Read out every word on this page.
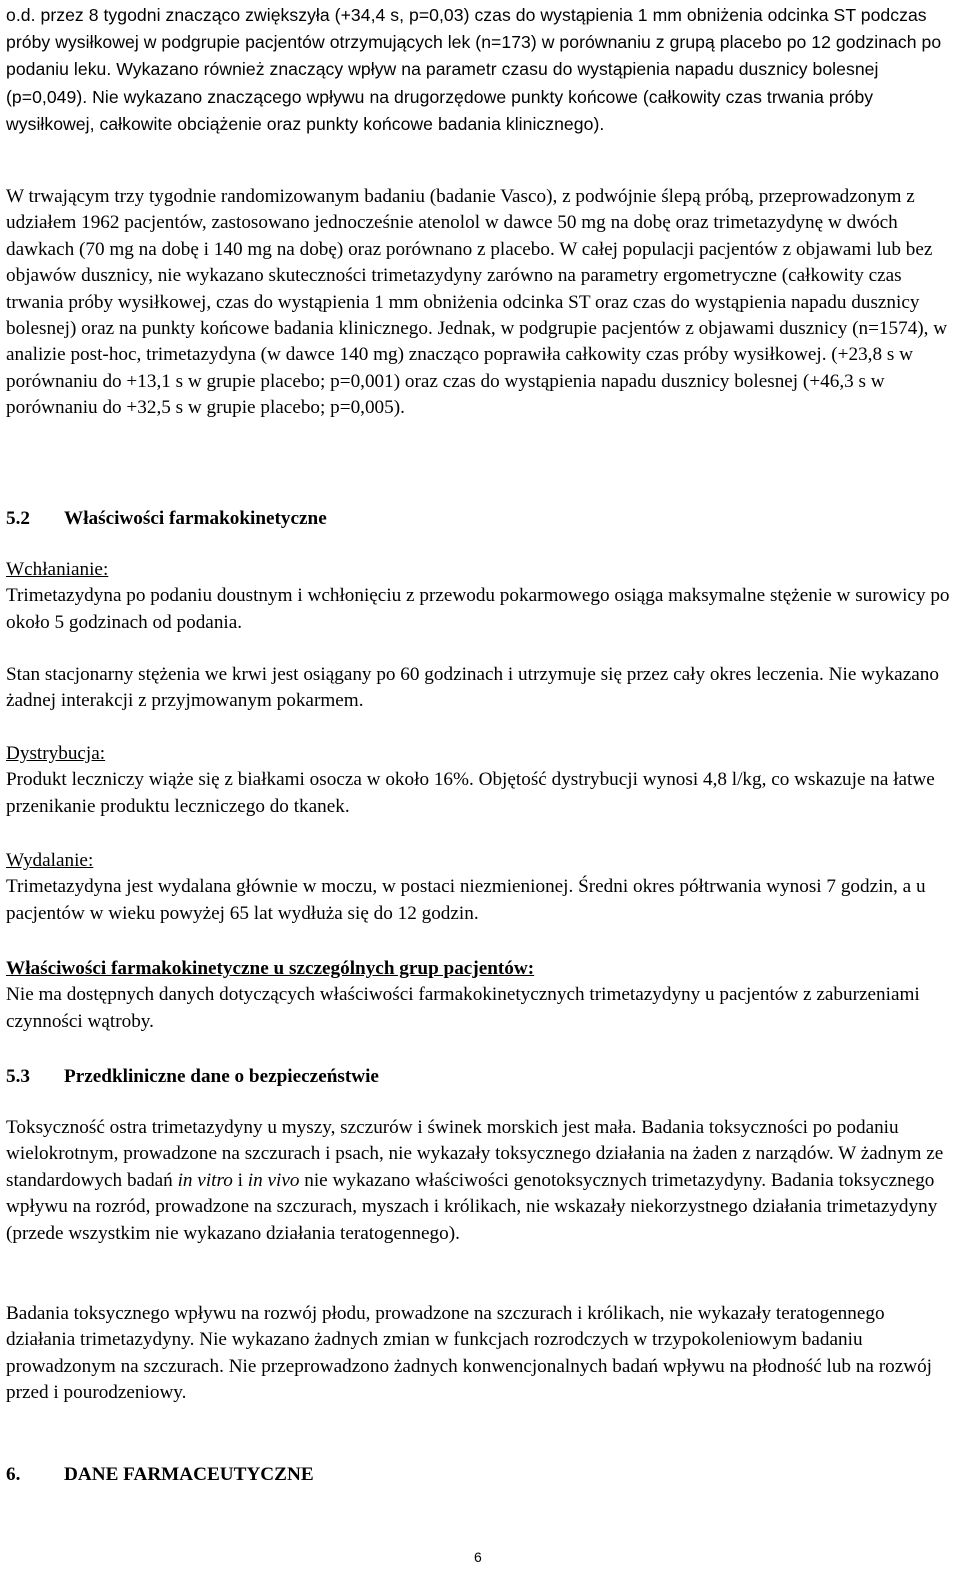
o.d. przez 8 tygodni znacząco zwiększyła (+34,4 s, p=0,03) czas do wystąpienia 1 mm obniżenia odcinka ST podczas próby wysiłkowej w podgrupie pacjentów otrzymujących lek (n=173) w porównaniu z grupą placebo po 12 godzinach po podaniu leku. Wykazano również znaczący wpływ na parametr czasu do wystąpienia napadu dusznicy bolesnej (p=0,049). Nie wykazano znaczącego wpływu na drugorzędowe punkty końcowe (całkowity czas trwania próby wysiłkowej, całkowite obciążenie oraz punkty końcowe badania klinicznego).

W trwającym trzy tygodnie randomizowanym badaniu (badanie Vasco), z podwójnie ślepą próbą, przeprowadzonym z udziałem 1962 pacjentów, zastosowano jednocześnie atenolol w dawce 50 mg na dobę oraz trimetazydynę w dwóch dawkach (70 mg na dobę i 140 mg na dobę) oraz porównano z placebo. W całej populacji pacjentów z objawami lub bez objawów dusznicy, nie wykazano skuteczności trimetazydyny zarówno na parametry ergometryczne (całkowity czas trwania próby wysiłkowej, czas do wystąpienia 1 mm obniżenia odcinka ST oraz czas do wystąpienia napadu dusznicy bolesnej) oraz na punkty końcowe badania klinicznego. Jednak, w podgrupie pacjentów z objawami dusznicy (n=1574), w analizie post-hoc, trimetazydyna (w dawce 140 mg) znacząco poprawiła całkowity czas próby wysiłkowej. (+23,8 s w porównaniu do +13,1 s w grupie placebo; p=0,001) oraz czas do wystąpienia napadu dusznicy bolesnej (+46,3 s w porównaniu do +32,5 s w grupie placebo; p=0,005).

5.2 Właściwości farmakokinetyczne
Wchłanianie:

Trimetazydyna po podaniu doustnym i wchłonięciu z przewodu pokarmowego osiąga maksymalne stężenie w surowicy po około 5 godzinach od podania.

Stan stacjonarny stężenia we krwi jest osiągany po 60 godzinach i utrzymuje się przez cały okres leczenia. Nie wykazano żadnej interakcji z przyjmowanym pokarmem.

Dystrybucja:

Produkt leczniczy wiąże się z białkami osocza w około 16%. Objętość dystrybucji wynosi 4,8 l/kg, co wskazuje na łatwe przenikanie produktu leczniczego do tkanek.

Wydalanie:

Trimetazydyna jest wydalana głównie w moczu, w postaci niezmienionej. Średni okres półtrwania wynosi 7 godzin, a u pacjentów w wieku powyżej 65 lat wydłuża się do 12 godzin.

Właściwości farmakokinetyczne u szczególnych grup pacjentów:

Nie ma dostępnych danych dotyczących właściwości farmakokinetycznych trimetazydyny u pacjentów z zaburzeniami czynności wątroby.

5.3 Przedkliniczne dane o bezpieczeństwie

Toksyczność ostra trimetazydyny u myszy, szczurów i świnek morskich jest mała. Badania toksyczności po podaniu wielokrotnym, prowadzone na szczurach i psach, nie wykazały toksycznego działania na żaden z narządów. W żadnym ze standardowych badań in vitro i in vivo nie wykazano właściwości genotoksycznych trimetazydyny. Badania toksycznego wpływu na rozród, prowadzone na szczurach, myszach i królikach, nie wskazały niekorzystnego działania trimetazydyny (przede wszystkim nie wykazano działania teratogennego).

Badania toksycznego wpływu na rozwój płodu, prowadzone na szczurach i królikach, nie wykazały teratogennego działania trimetazydyny. Nie wykazano żadnych zmian w funkcjach rozrodczych w trzypokoleniowym badaniu prowadzonym na szczurach. Nie przeprowadzono żadnych konwencjonalnych badań wpływu na płodność lub na rozwój przed i pourodzeniowy.

6. DANE FARMACEUTYCZNE
6
